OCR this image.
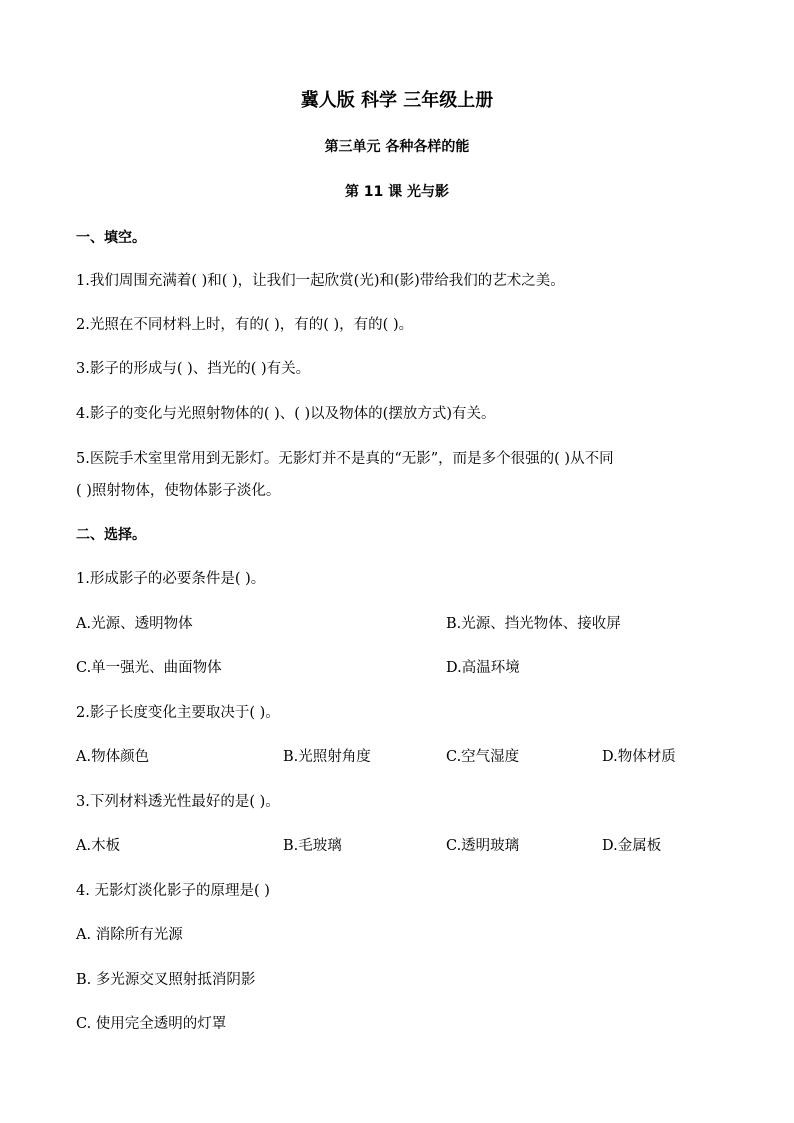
冀人版 科学 三年级上册
第三单元 各种各样的能
第 11 课 光与影
一、填空。
1.我们周围充满着( )和( )，让我们一起欣赏(光)和(影)带给我们的艺术之美。
2.光照在不同材料上时，有的( )，有的( )，有的( )。
3.影子的形成与( )、挡光的( )有关。
4.影子的变化与光照射物体的( )、( )以及物体的(摆放方式)有关。
5.医院手术室里常用到无影灯。无影灯并不是真的“无影”，而是多个很强的( )从不同
( )照射物体，使物体影子淡化。
二、选择。
1.形成影子的必要条件是( )。
A.光源、透明物体	B.光源、挡光物体、接收屏
C.单一强光、曲面物体	D.高温环境
2.影子长度变化主要取决于( )。
A.物体颜色	B.光照射角度	C.空气湿度	D.物体材质
3.下列材料透光性最好的是( )。
A.木板	B.毛玻璃	C.透明玻璃	D.金属板
4. 无影灯淡化影子的原理是( )
A. 消除所有光源
B. 多光源交叉照射抵消阴影
C. 使用完全透明的灯罩
